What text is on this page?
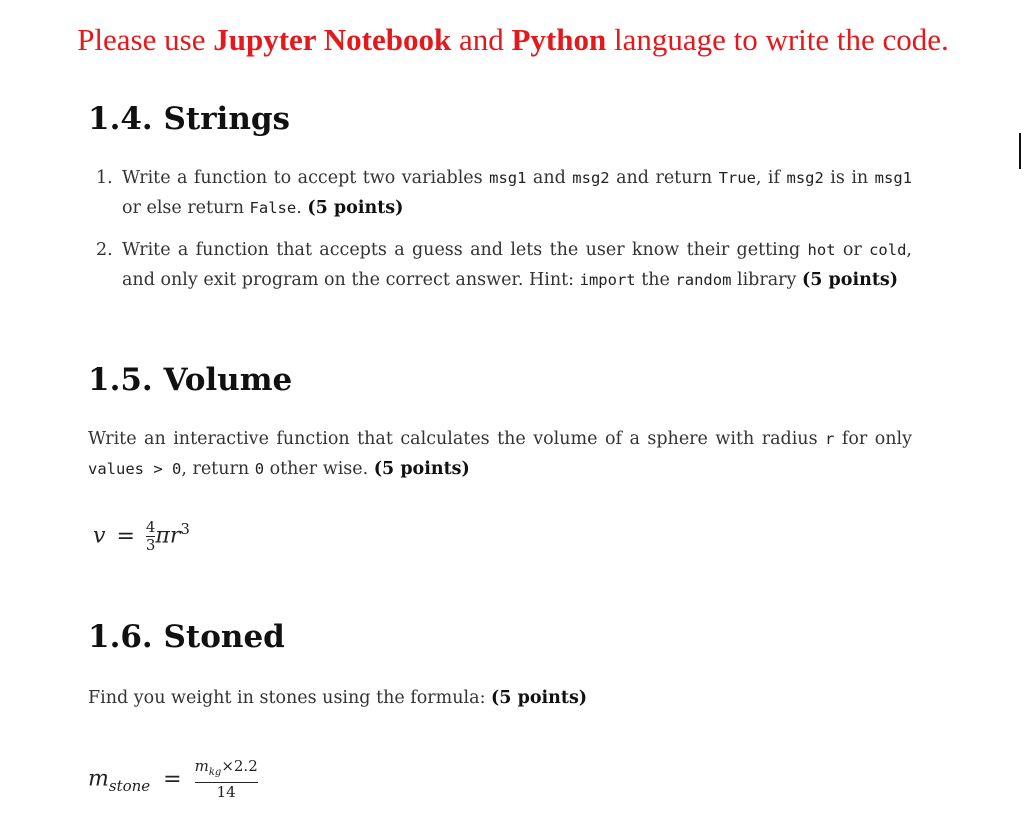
Please use Jupyter Notebook and Python language to write the code.
1.4. Strings
1. Write a function to accept two variables msg1 and msg2 and return True, if msg2 is in msg1 or else return False. (5 points)
2. Write a function that accepts a guess and lets the user know their getting hot or cold, and only exit program on the correct answer. Hint: import the random library (5 points)
1.5. Volume
Write an interactive function that calculates the volume of a sphere with radius r for only values > 0, return 0 other wise. (5 points)
$v = \frac{4}{3} \pi r^3$
1.6. Stoned
Find you weight in stones using the formula: (5 points)
$m_{stone} = \frac{m_{kg}\times 2.2}{14}$
